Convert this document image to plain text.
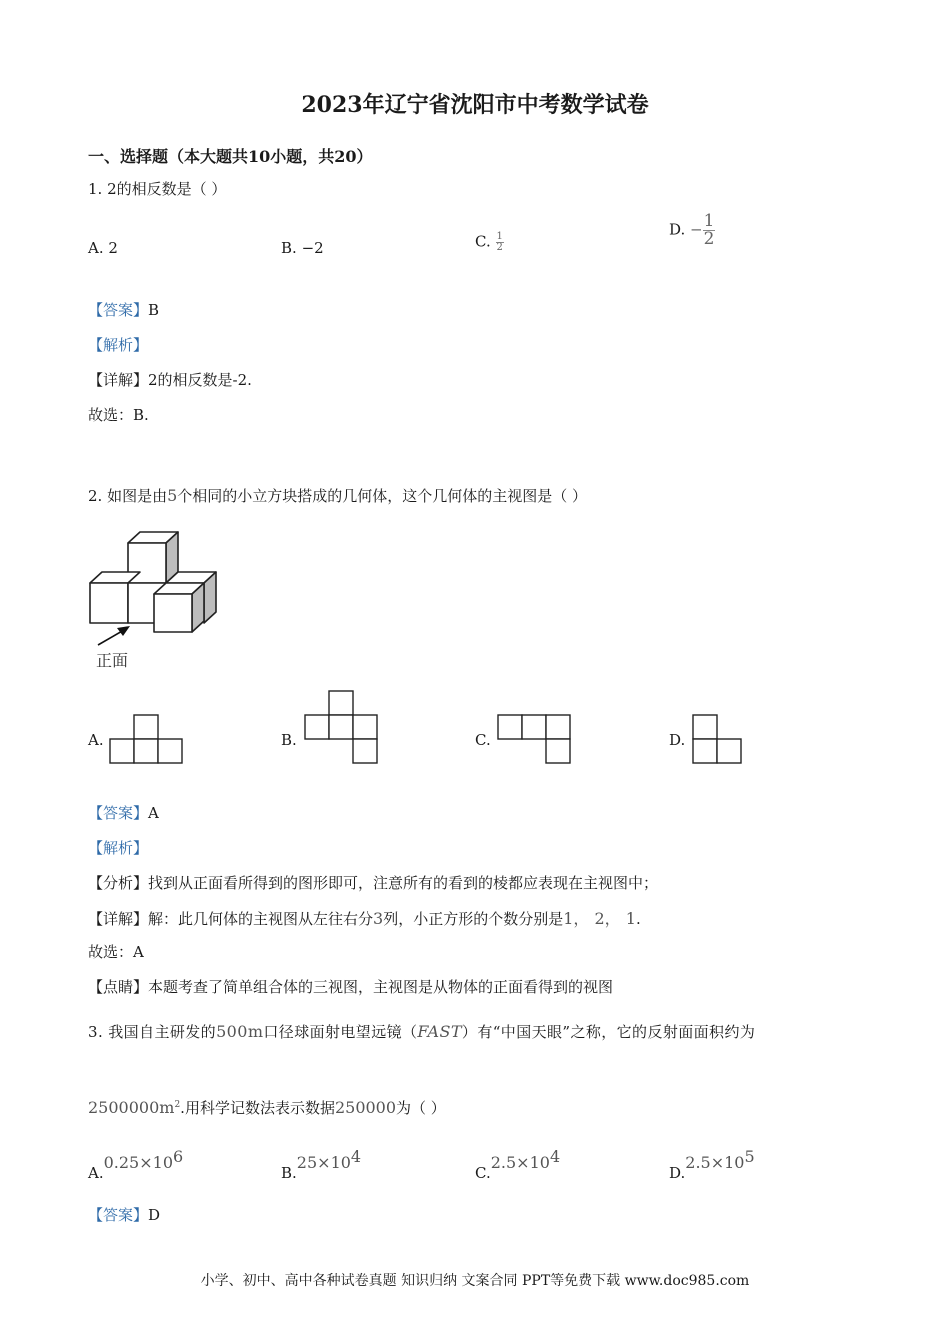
2023年辽宁省沈阳市中考数学试卷
一、选择题（本大题共10小题，共20）
1. 2的相反数是（ ）
A. 2	B. −2	C. $\frac{1}{2}$
D. − $\frac{1}{2}$
【答案】B
【解析】
【详解】2的相反数是-2.
故选：B.
2. 如图是由5个相同的小立方块搭成的几何体，这个几何体的主视图是（ ）
正面
A.	B.	C.	D.
【答案】A
【解析】
【分析】找到从正面看所得到的图形即可，注意所有的看到的棱都应表现在主视图中；
【详解】解：此几何体的主视图从左往右分3列，小正方形的个数分别是1， 2， 1.
故选：A
【点睛】本题考查了简单组合体的三视图，主视图是从物体的正面看得到的视图
3. 我国自主研发的500m口径球面射电望远镜（FAST）有“中国天眼”之称，它的反射面面积约为
$2500000m^2$.用科学记数法表示数据250000为（ ）
$A.0.25\times 10^6$
$B.25\times 10^4$
$C.2.5\times 10^4$
$D.2.5\times 10^5$
【答案】D
小学、初中、高中各种试卷真题 知识归纳 文案合同 PPT等免费下载 www.doc985.com
